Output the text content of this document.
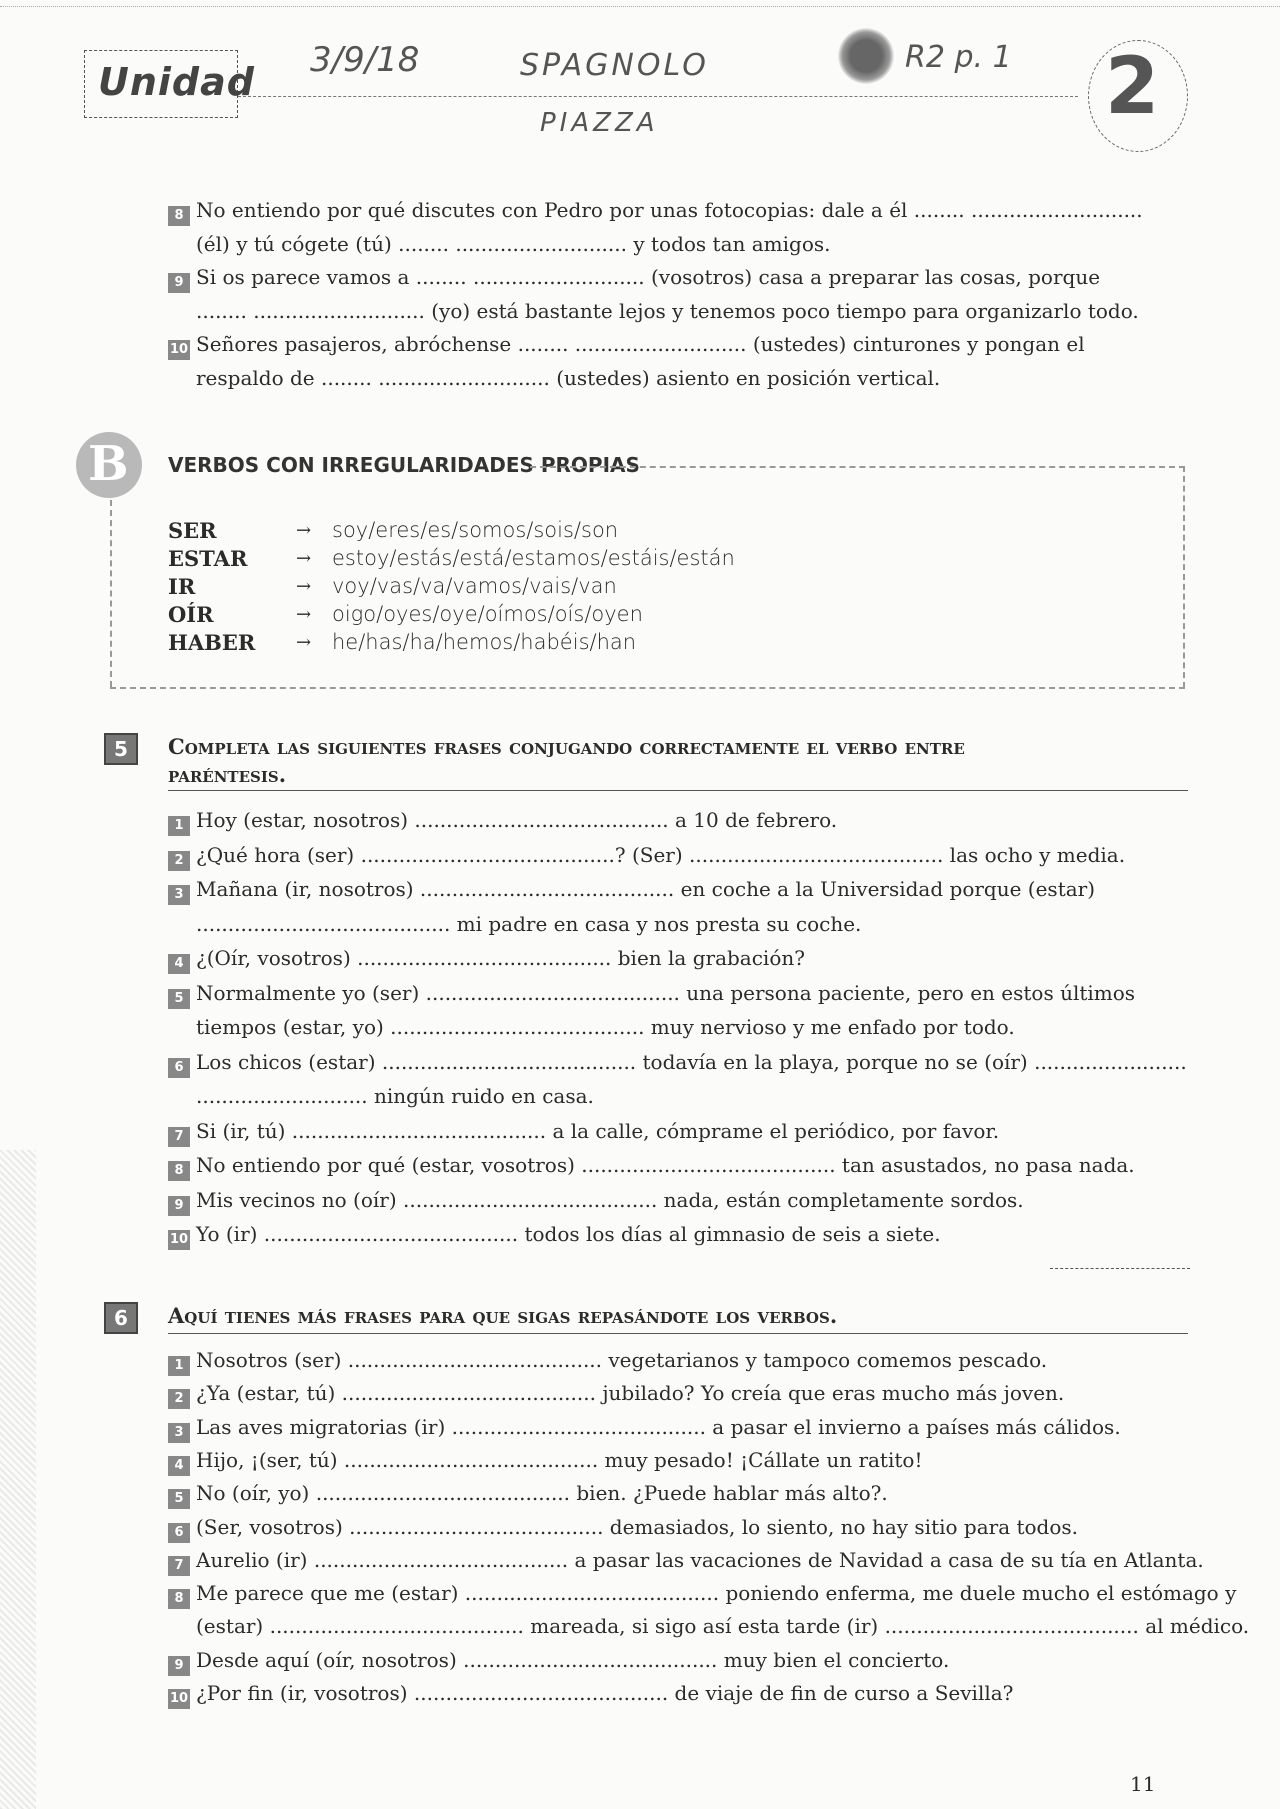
Unidad 3/9/18	SPAGNOLO
PIAZZA
R2 p. 1 2
8 No entiendo por qué discutes con Pedro por unas fotocopias: dale a él ........ ...........................
(él) y tú cógete (tú) ........ ........................... y todos tan amigos.
9 Si os parece vamos a ........ ........................... (vosotros) casa a preparar las cosas, porque
........ ........................... (yo) está bastante lejos y tenemos poco tiempo para organizarlo todo.
10 Señores pasajeros, abróchense ........ ........................... (ustedes) cinturones y pongan el
respaldo de ........ ........................... (ustedes) asiento en posición vertical.
B VERBOS CON IRREGULARIDADES PROPIAS
SER	→ soy/eres/es/somos/sois/son
ESTAR	→ estoy/estás/está/estamos/estáis/están
IR	→ voy/vas/va/vamos/vais/van
OÍR	→ oigo/oyes/oye/oímos/oís/oyen
HABER → he/has/ha/hemos/habéis/han
5	Completa las siguientes frases conjugando correctamente el verbo entre
paréntesis.
1 Hoy (estar, nosotros) ........................................ a 10 de febrero.
2 ¿Qué hora (ser) ........................................? (Ser) ........................................ las ocho y media.
3 Mañana (ir, nosotros) ........................................ en coche a la Universidad porque (estar)
........................................ mi padre en casa y nos presta su coche.
4 ¿(Oír, vosotros) ........................................ bien la grabación?
5 Normalmente yo (ser) ........................................ una persona paciente, pero en estos últimos
tiempos (estar, yo) ........................................ muy nervioso y me enfado por todo.
6 Los chicos (estar) ........................................ todavía en la playa, porque no se (oír) ........................
........................... ningún ruido en casa.
7 Si (ir, tú) ........................................ a la calle, cómprame el periódico, por favor.
8 No entiendo por qué (estar, vosotros) ........................................ tan asustados, no pasa nada.
9 Mis vecinos no (oír) ........................................ nada, están completamente sordos.
10 Yo (ir) ........................................ todos los días al gimnasio de seis a siete.
6	Aquí tienes más frases para que sigas repasándote los verbos.
1 Nosotros (ser) ........................................ vegetarianos y tampoco comemos pescado.
2 ¿Ya (estar, tú) ........................................ jubilado? Yo creía que eras mucho más joven.
3 Las aves migratorias (ir) ........................................ a pasar el invierno a países más cálidos.
4 Hijo, ¡(ser, tú) ........................................ muy pesado! ¡Cállate un ratito!
5 No (oír, yo) ........................................ bien. ¿Puede hablar más alto?.
6 (Ser, vosotros) ........................................ demasiados, lo siento, no hay sitio para todos.
7 Aurelio (ir) ........................................ a pasar las vacaciones de Navidad a casa de su tía en Atlanta.
8 Me parece que me (estar) ........................................ poniendo enferma, me duele mucho el estómago y
(estar) ........................................ mareada, si sigo así esta tarde (ir) ........................................ al médico.
9 Desde aquí (oír, nosotros) ........................................ muy bien el concierto.
10 ¿Por fin (ir, vosotros) ........................................ de viaje de fin de curso a Sevilla?
11
